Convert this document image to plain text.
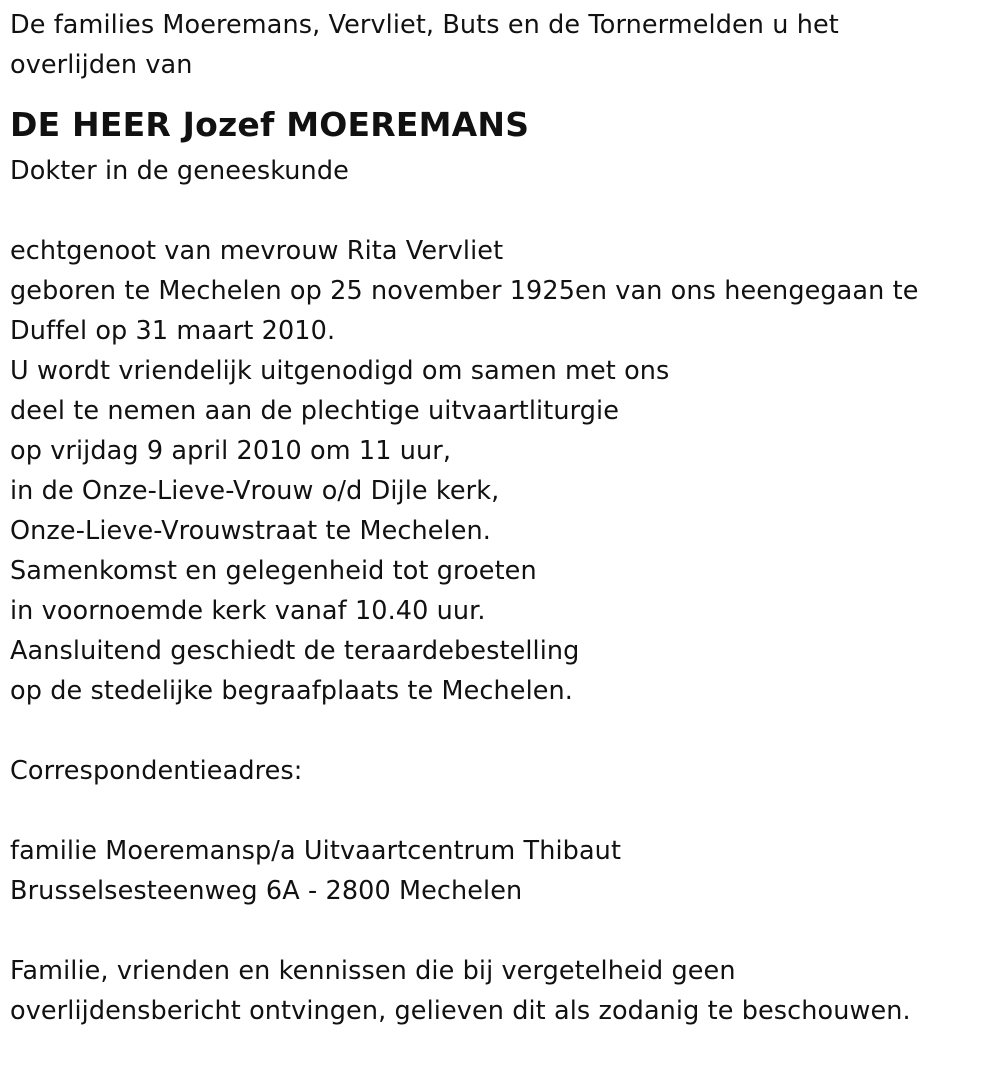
De families Moeremans, Vervliet, Buts en de Tornermelden u het
overlijden van
DE HEER Jozef MOEREMANS
Dokter in de geneeskunde
echtgenoot van mevrouw Rita Vervliet
geboren te Mechelen op 25 november 1925en van ons heengegaan te
Duffel op 31 maart 2010.
U wordt vriendelijk uitgenodigd om samen met ons
deel te nemen aan de plechtige uitvaartliturgie
op vrijdag 9 april 2010 om 11 uur,
in de Onze-Lieve-Vrouw o/d Dijle kerk,
Onze-Lieve-Vrouwstraat te Mechelen.
Samenkomst en gelegenheid tot groeten
in voornoemde kerk vanaf 10.40 uur.
Aansluitend geschiedt de teraardebestelling
op de stedelijke begraafplaats te Mechelen.
Correspondentieadres:
familie Moeremansp/a Uitvaartcentrum Thibaut
Brusselsesteenweg 6A - 2800 Mechelen
Familie, vrienden en kennissen die bij vergetelheid geen
overlijdensbericht ontvingen, gelieven dit als zodanig te beschouwen.
